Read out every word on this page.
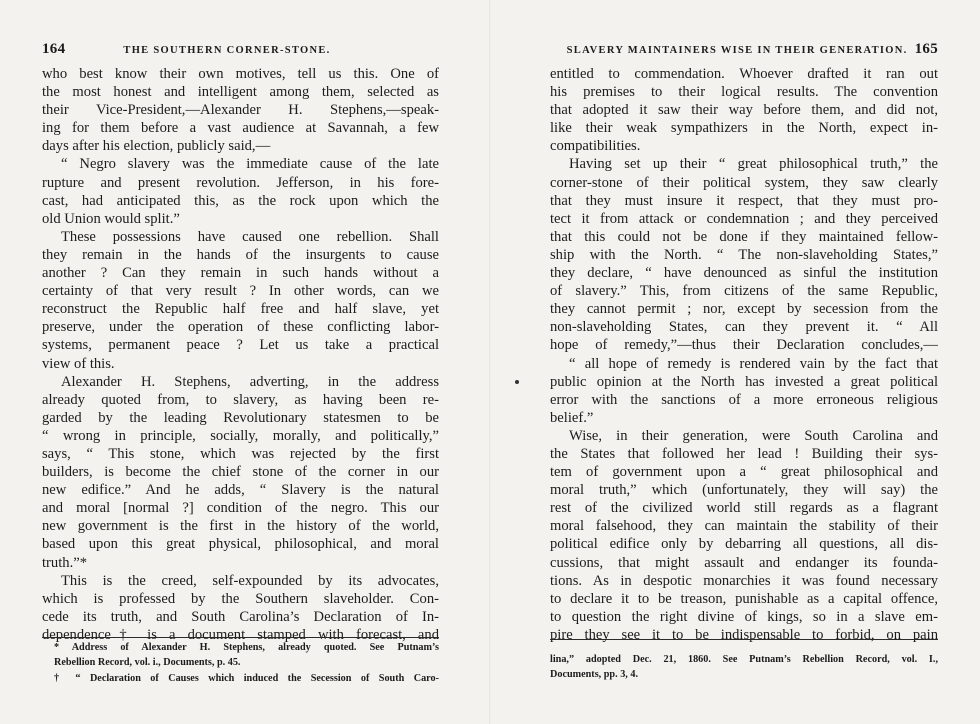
164	THE SOUTHERN CORNER-STONE.
who best know their own motives, tell us this. One of
the most honest and intelligent among them, selected as
their Vice-President,—Alexander H. Stephens,—speak-
ing for them before a vast audience at Savannah, a few
days after his election, publicly said,—
“ Negro slavery was the immediate cause of the late
rupture and present revolution. Jefferson, in his fore-
cast, had anticipated this, as the rock upon which the
old Union would split.”
These possessions have caused one rebellion. Shall
they remain in the hands of the insurgents to cause
another ? Can they remain in such hands without a
certainty of that very result ? In other words, can we
reconstruct the Republic half free and half slave, yet
preserve, under the operation of these conflicting labor-
systems, permanent peace ? Let us take a practical
view of this.
Alexander H. Stephens, adverting, in the address
already quoted from, to slavery, as having been re-
garded by the leading Revolutionary statesmen to be
“ wrong in principle, socially, morally, and politically,”
says, “ This stone, which was rejected by the first
builders, is become the chief stone of the corner in our
new edifice.” And he adds, “ Slavery is the natural
and moral [normal ?] condition of the negro. This our
new government is the first in the history of the world,
based upon this great physical, philosophical, and moral
truth.”*
This is the creed, self-expounded by its advocates,
which is professed by the Southern slaveholder. Con-
cede its truth, and South Carolina’s Declaration of In-
dependence† is a document stamped with forecast, and
* Address of Alexander H. Stephens, already quoted. See Putnam’s
Rebellion Record, vol. i., Documents, p. 45.
† “ Declaration of Causes which induced the Secession of South Caro-
SLAVERY MAINTAINERS WISE IN THEIR GENERATION. 165
entitled to commendation. Whoever drafted it ran out
his premises to their logical results. The convention
that adopted it saw their way before them, and did not,
like their weak sympathizers in the North, expect in-
compatibilities.
Having set up their “ great philosophical truth,” the
corner-stone of their political system, they saw clearly
that they must insure it respect, that they must pro-
tect it from attack or condemnation ; and they perceived
that this could not be done if they maintained fellow-
ship with the North. “ The non-slaveholding States,”
they declare, “ have denounced as sinful the institution
of slavery.” This, from citizens of the same Republic,
they cannot permit ; nor, except by secession from the
non-slaveholding States, can they prevent it. “ All
hope of remedy,”—thus their Declaration concludes,—
“ all hope of remedy is rendered vain by the fact that
public opinion at the North has invested a great political
error with the sanctions of a more erroneous religious
belief.”
Wise, in their generation, were South Carolina and
the States that followed her lead ! Building their sys-
tem of government upon a “ great philosophical and
moral truth,” which (unfortunately, they will say) the
rest of the civilized world still regards as a flagrant
moral falsehood, they can maintain the stability of their
political edifice only by debarring all questions, all dis-
cussions, that might assault and endanger its founda-
tions. As in despotic monarchies it was found necessary
to declare it to be treason, punishable as a capital offence,
to question the right divine of kings, so in a slave em-
pire they see it to be indispensable to forbid, on pain
lina,” adopted Dec. 21, 1860. See Putnam’s Rebellion Record, vol. I.,
Documents, pp. 3, 4.
